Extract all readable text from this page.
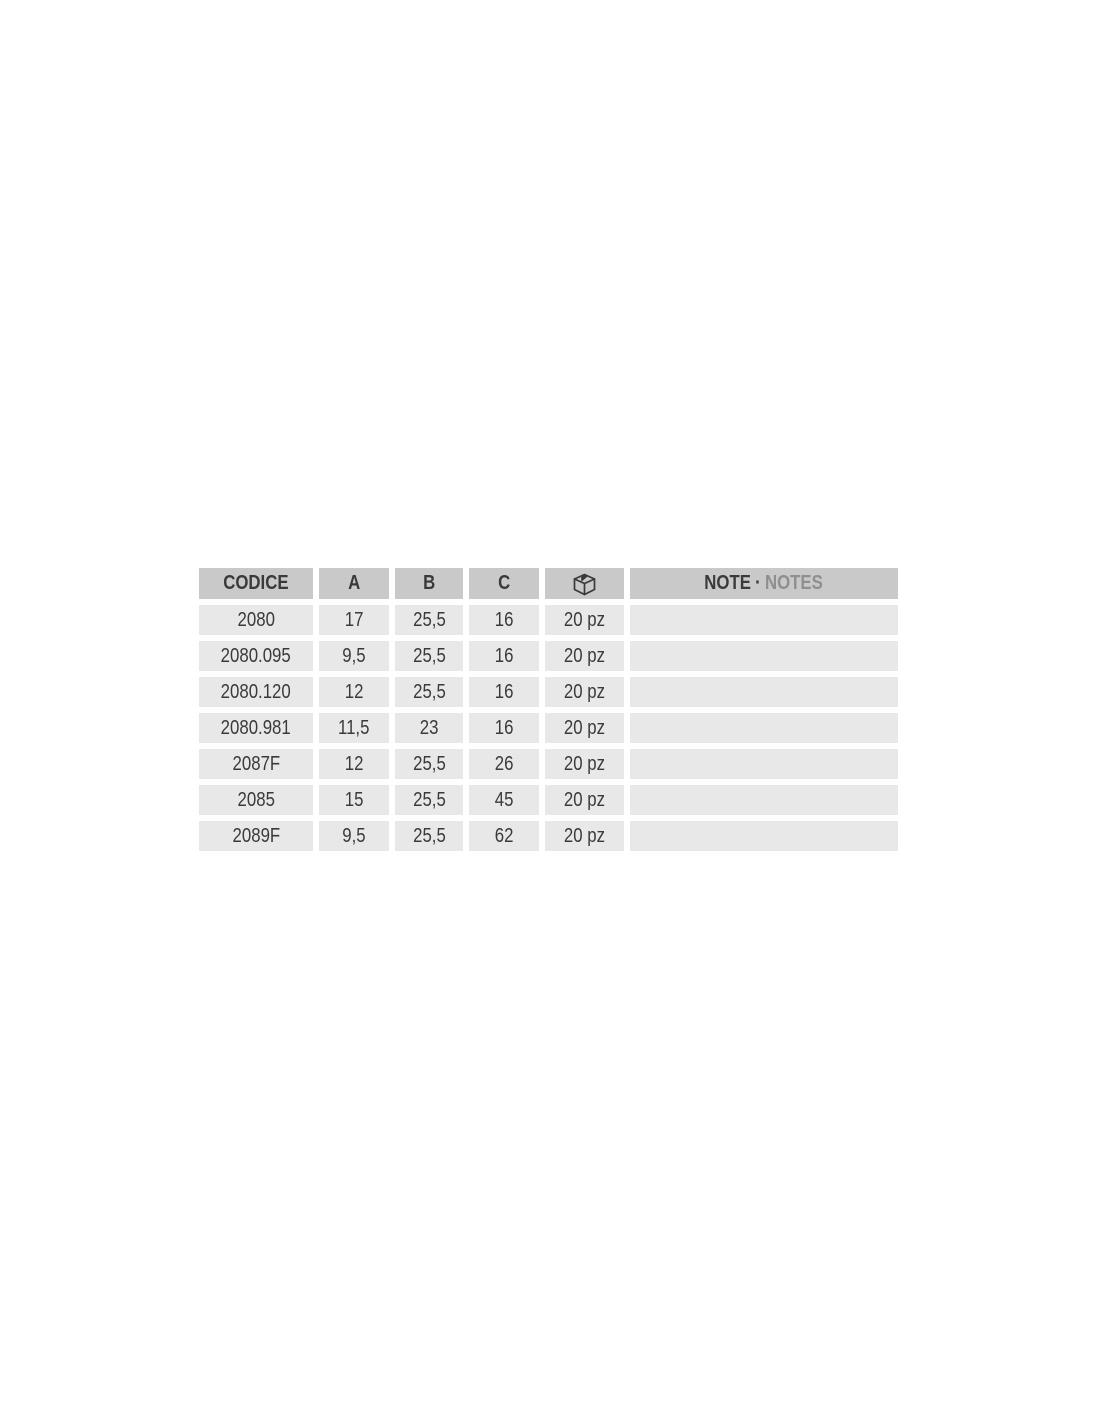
CODICE	A	B	C		NOTE · NOTES
2080	17	25,5	16	20 pz	
2080.095	9,5	25,5	16	20 pz	
2080.120	12	25,5	16	20 pz	
2080.981	11,5	23	16	20 pz	
2087F	12	25,5	26	20 pz	
2085	15	25,5	45	20 pz	
2089F	9,5	25,5	62	20 pz	
